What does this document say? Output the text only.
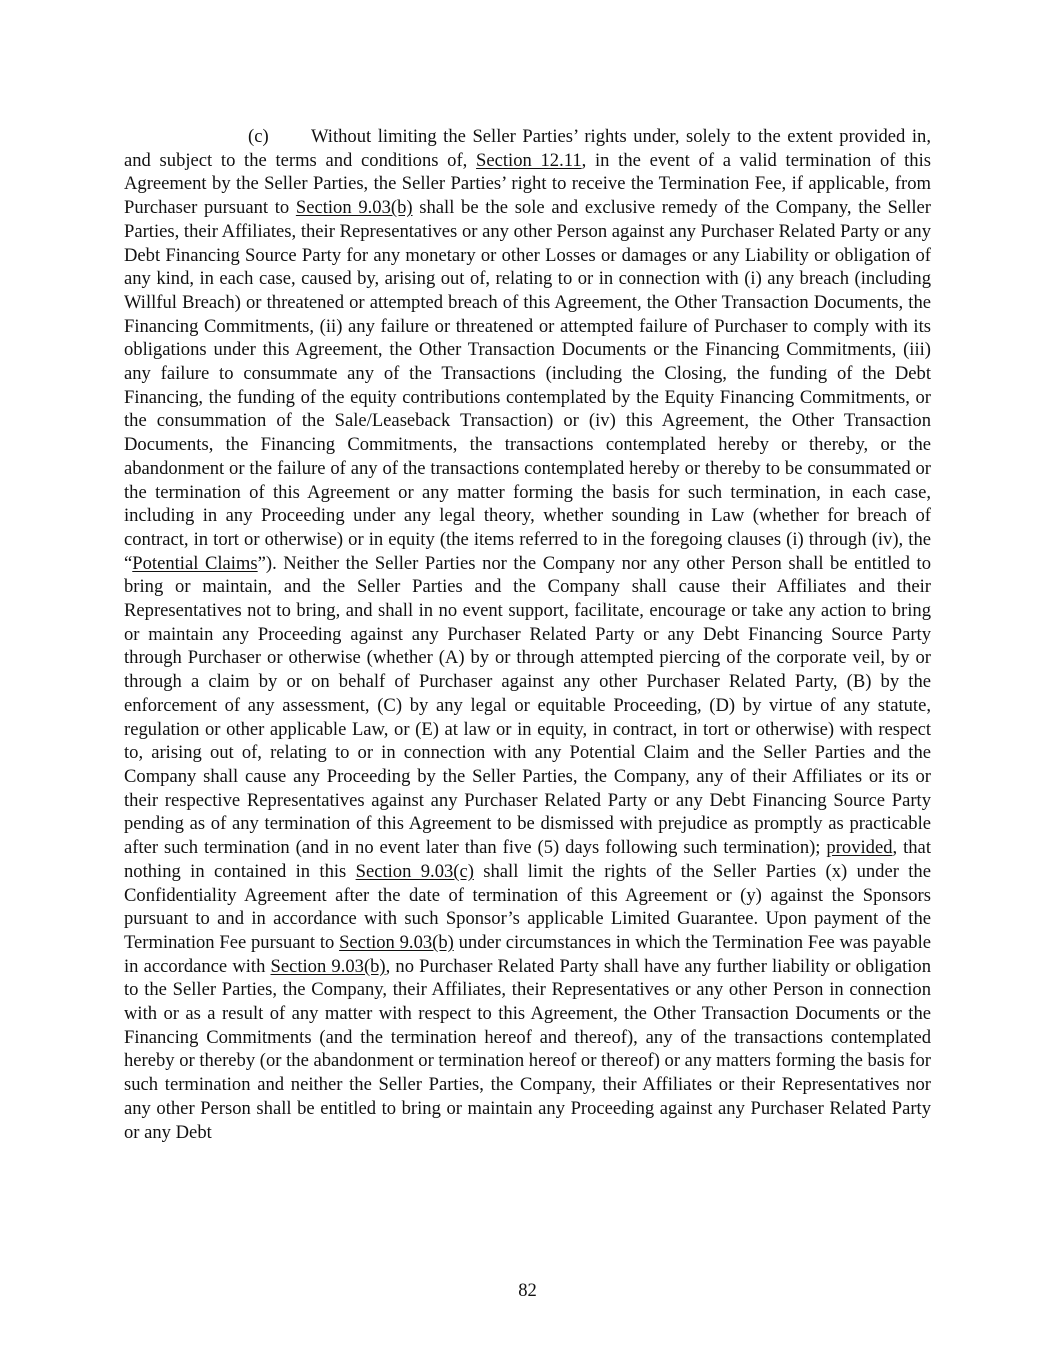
(c) Without limiting the Seller Parties’ rights under, solely to the extent provided in, and subject to the terms and conditions of, Section 12.11, in the event of a valid termination of this Agreement by the Seller Parties, the Seller Parties’ right to receive the Termination Fee, if applicable, from Purchaser pursuant to Section 9.03(b) shall be the sole and exclusive remedy of the Company, the Seller Parties, their Affiliates, their Representatives or any other Person against any Purchaser Related Party or any Debt Financing Source Party for any monetary or other Losses or damages or any Liability or obligation of any kind, in each case, caused by, arising out of, relating to or in connection with (i) any breach (including Willful Breach) or threatened or attempted breach of this Agreement, the Other Transaction Documents, the Financing Commitments, (ii) any failure or threatened or attempted failure of Purchaser to comply with its obligations under this Agreement, the Other Transaction Documents or the Financing Commitments, (iii) any failure to consummate any of the Transactions (including the Closing, the funding of the Debt Financing, the funding of the equity contributions contemplated by the Equity Financing Commitments, or the consummation of the Sale/Leaseback Transaction) or (iv) this Agreement, the Other Transaction Documents, the Financing Commitments, the transactions contemplated hereby or thereby, or the abandonment or the failure of any of the transactions contemplated hereby or thereby to be consummated or the termination of this Agreement or any matter forming the basis for such termination, in each case, including in any Proceeding under any legal theory, whether sounding in Law (whether for breach of contract, in tort or otherwise) or in equity (the items referred to in the foregoing clauses (i) through (iv), the “Potential Claims”). Neither the Seller Parties nor the Company nor any other Person shall be entitled to bring or maintain, and the Seller Parties and the Company shall cause their Affiliates and their Representatives not to bring, and shall in no event support, facilitate, encourage or take any action to bring or maintain any Proceeding against any Purchaser Related Party or any Debt Financing Source Party through Purchaser or otherwise (whether (A) by or through attempted piercing of the corporate veil, by or through a claim by or on behalf of Purchaser against any other Purchaser Related Party, (B) by the enforcement of any assessment, (C) by any legal or equitable Proceeding, (D) by virtue of any statute, regulation or other applicable Law, or (E) at law or in equity, in contract, in tort or otherwise) with respect to, arising out of, relating to or in connection with any Potential Claim and the Seller Parties and the Company shall cause any Proceeding by the Seller Parties, the Company, any of their Affiliates or its or their respective Representatives against any Purchaser Related Party or any Debt Financing Source Party pending as of any termination of this Agreement to be dismissed with prejudice as promptly as practicable after such termination (and in no event later than five (5) days following such termination); provided, that nothing in contained in this Section 9.03(c) shall limit the rights of the Seller Parties (x) under the Confidentiality Agreement after the date of termination of this Agreement or (y) against the Sponsors pursuant to and in accordance with such Sponsor’s applicable Limited Guarantee. Upon payment of the Termination Fee pursuant to Section 9.03(b) under circumstances in which the Termination Fee was payable in accordance with Section 9.03(b), no Purchaser Related Party shall have any further liability or obligation to the Seller Parties, the Company, their Affiliates, their Representatives or any other Person in connection with or as a result of any matter with respect to this Agreement, the Other Transaction Documents or the Financing Commitments (and the termination hereof and thereof), any of the transactions contemplated hereby or thereby (or the abandonment or termination hereof or thereof) or any matters forming the basis for such termination and neither the Seller Parties, the Company, their Affiliates or their Representatives nor any other Person shall be entitled to bring or maintain any Proceeding against any Purchaser Related Party or any Debt

82
